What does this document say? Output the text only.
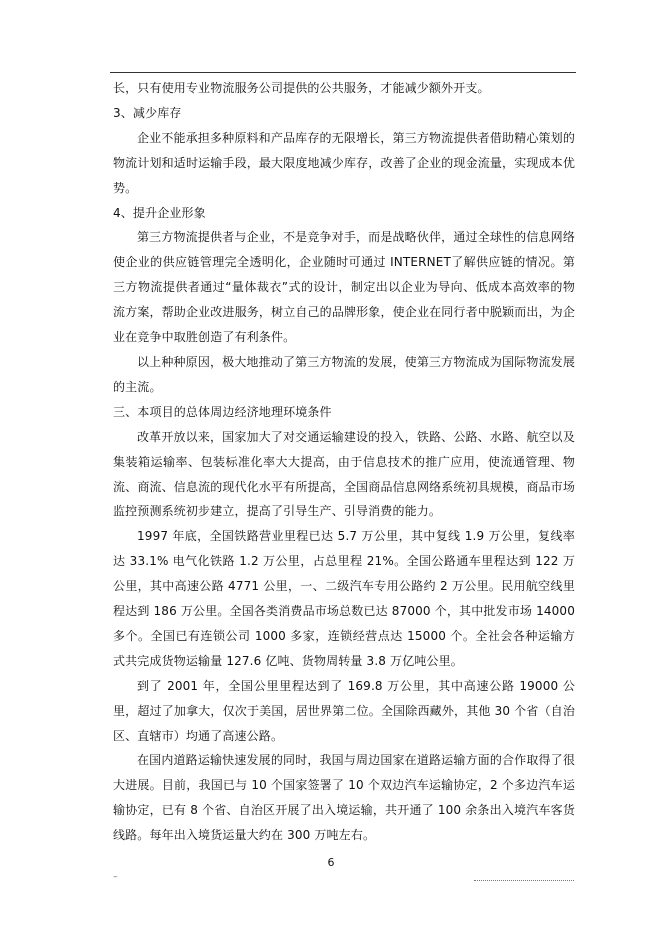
长，只有使用专业物流服务公司提供的公共服务，才能减少额外开支。

3、减少库存

企业不能承担多种原料和产品库存的无限增长，第三方物流提供者借助精心策划的物流计划和适时运输手段，最大限度地减少库存，改善了企业的现金流量，实现成本优势。

4、提升企业形象

第三方物流提供者与企业，不是竞争对手，而是战略伙伴，通过全球性的信息网络使企业的供应链管理完全透明化，企业随时可通过 INTERNET了解供应链的情况。第三方物流提供者通过“量体裁衣”式的设计，制定出以企业为导向、低成本高效率的物流方案，帮助企业改进服务，树立自己的品牌形象，使企业在同行者中脱颖而出，为企业在竞争中取胜创造了有利条件。

以上种种原因，极大地推动了第三方物流的发展，使第三方物流成为国际物流发展的主流。

三、本项目的总体周边经济地理环境条件

改革开放以来，国家加大了对交通运输建设的投入，铁路、公路、水路、航空以及集装箱运输率、包装标准化率大大提高，由于信息技术的推广应用，使流通管理、物流、商流、信息流的现代化水平有所提高，全国商品信息网络系统初具规模，商品市场监控预测系统初步建立，提高了引导生产、引导消费的能力。

1997 年底，全国铁路营业里程已达 5.7 万公里，其中复线 1.9 万公里，复线率达 33.1% 电气化铁路 1.2 万公里，占总里程 21%。全国公路通车里程达到 122 万公里，其中高速公路 4771 公里，一、二级汽车专用公路约 2 万公里。民用航空线里程达到 186 万公里。全国各类消费品市场总数已达 87000 个，其中批发市场 14000 多个。全国已有连锁公司 1000 多家，连锁经营点达 15000 个。全社会各种运输方式共完成货物运输量 127.6 亿吨、货物周转量 3.8 万亿吨公里。

到了 2001 年，全国公里里程达到了 169.8 万公里，其中高速公路 19000 公里，超过了加拿大，仅次于美国，居世界第二位。全国除西藏外，其他 30 个省（自治区、直辖市）均通了高速公路。

在国内道路运输快速发展的同时，我国与周边国家在道路运输方面的合作取得了很大进展。目前，我国已与 10 个国家签署了 10 个双边汽车运输协定，2 个多边汽车运输协定，已有 8 个省、自治区开展了出入境运输，共开通了 100 余条出入境汽车客货线路。每年出入境货运量大约在 300 万吨左右。

6
–
